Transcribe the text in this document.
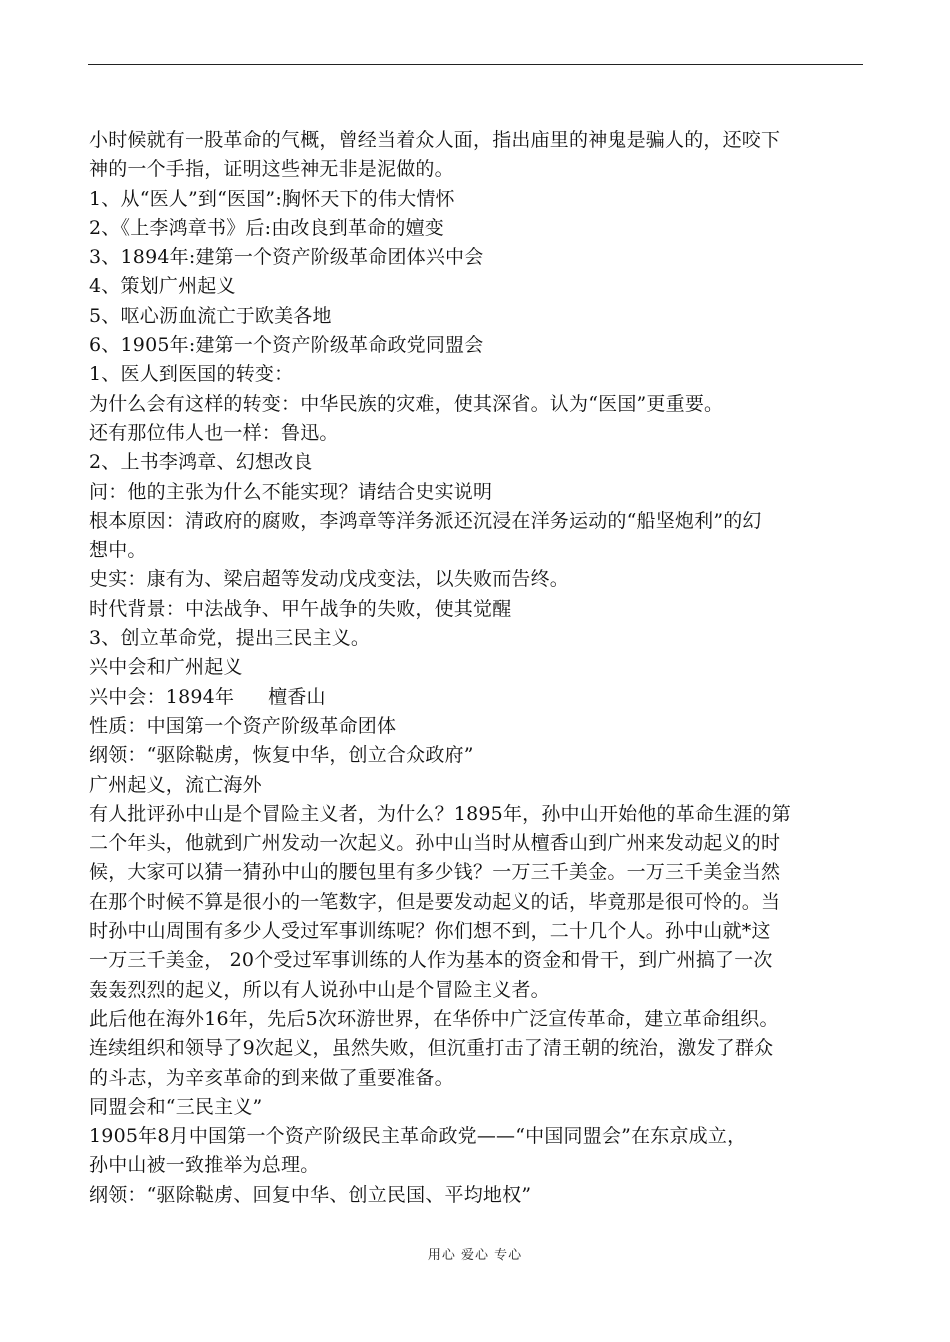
小时候就有一股革命的气概，曾经当着众人面，指出庙里的神鬼是骗人的，还咬下
神的一个手指，证明这些神无非是泥做的。
1、从“医人”到“医国”:胸怀天下的伟大情怀
2、《上李鸿章书》后:由改良到革命的嬗变
3、1894年:建第一个资产阶级革命团体兴中会
4、策划广州起义
5、呕心沥血流亡于欧美各地
6、1905年:建第一个资产阶级革命政党同盟会
1、医人到医国的转变：
为什么会有这样的转变：中华民族的灾难，使其深省。认为“医国”更重要。
还有那位伟人也一样：鲁迅。
2、上书李鸿章、幻想改良
问：他的主张为什么不能实现？请结合史实说明
根本原因：清政府的腐败，李鸿章等洋务派还沉浸在洋务运动的“船坚炮利”的幻
想中。
史实：康有为、梁启超等发动戊戌变法，以失败而告终。
时代背景：中法战争、甲午战争的失败，使其觉醒
3、创立革命党，提出三民主义。
兴中会和广州起义
兴中会：1894年 檀香山
性质：中国第一个资产阶级革命团体
纲领：“驱除鞑虏，恢复中华，创立合众政府”
广州起义，流亡海外
有人批评孙中山是个冒险主义者，为什么？1895年，孙中山开始他的革命生涯的第
二个年头，他就到广州发动一次起义。孙中山当时从檀香山到广州来发动起义的时
候，大家可以猜一猜孙中山的腰包里有多少钱？一万三千美金。一万三千美金当然
在那个时候不算是很小的一笔数字，但是要发动起义的话，毕竟那是很可怜的。当
时孙中山周围有多少人受过军事训练呢？你们想不到，二十几个人。孙中山就*这
一万三千美金， 20个受过军事训练的人作为基本的资金和骨干，到广州搞了一次
轰轰烈烈的起义，所以有人说孙中山是个冒险主义者。
此后他在海外16年，先后5次环游世界，在华侨中广泛宣传革命，建立革命组织。
连续组织和领导了9次起义，虽然失败，但沉重打击了清王朝的统治，激发了群众
的斗志，为辛亥革命的到来做了重要准备。
同盟会和“三民主义”
1905年8月中国第一个资产阶级民主革命政党——“中国同盟会”在东京成立，
孙中山被一致推举为总理。
纲领：“驱除鞑虏、回复中华、创立民国、平均地权”
用心 爱心 专心
